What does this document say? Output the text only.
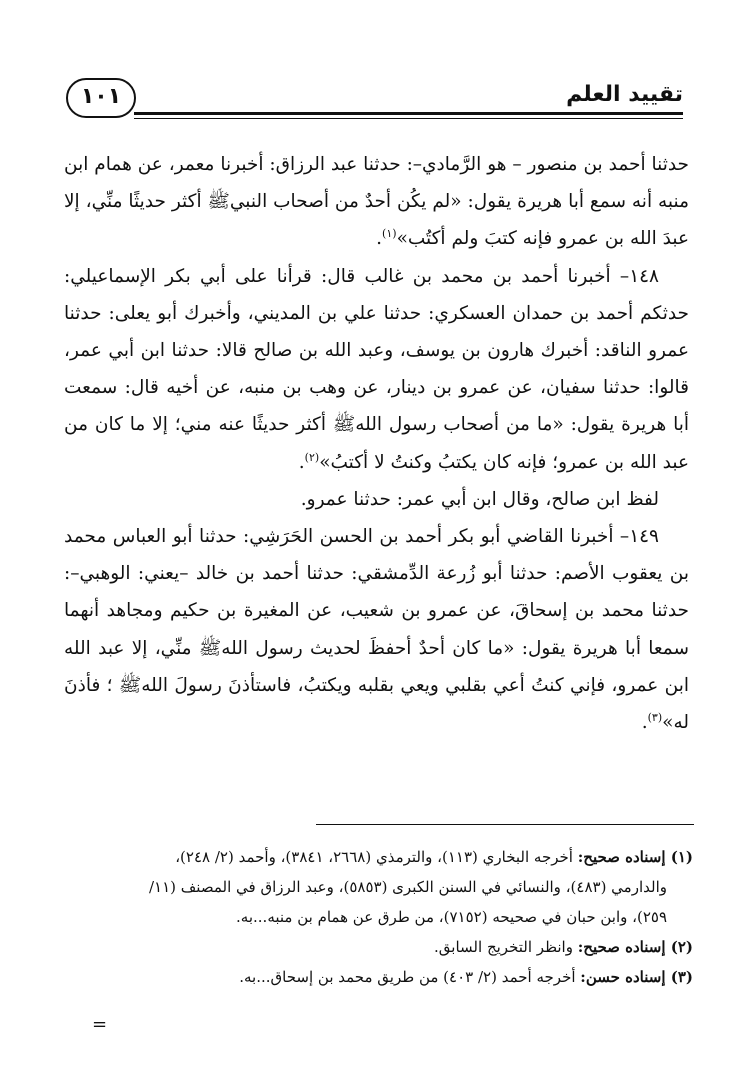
تقييد العلم
١٠١

حدثنا أحمد بن منصور – هو الرَّمادي–: حدثنا عبد الرزاق: أخبرنا معمر، عن همام ابن منبه أنه سمع أبا هريرة يقول: «لم يكُن أحدٌ من أصحاب النبيﷺ أكثر حديثًا منِّي، إلا عبدَ الله بن عمرو فإنه كتبَ ولم أكتُب»$^{(١)}$.

١٤٨– أخبرنا أحمد بن محمد بن غالب قال: قرأنا على أبي بكر الإسماعيلي: حدثكم أحمد بن حمدان العسكري: حدثنا علي بن المديني، وأخبرك أبو يعلى: حدثنا عمرو الناقد: أخبرك هارون بن يوسف، وعبد الله بن صالح قالا: حدثنا ابن أبي عمر، قالوا: حدثنا سفيان، عن عمرو بن دينار، عن وهب بن منبه، عن أخيه قال: سمعت أبا هريرة يقول: «ما من أصحاب رسول اللهﷺ أكثر حديثًا عنه مني؛ إلا ما كان من عبد الله بن عمرو؛ فإنه كان يكتبُ وكنتُ لا أكتبُ»$^{(٢)}$.

لفظ ابن صالح، وقال ابن أبي عمر: حدثنا عمرو.

١٤٩– أخبرنا القاضي أبو بكر أحمد بن الحسن الحَرَشِي: حدثنا أبو العباس محمد بن يعقوب الأصم: حدثنا أبو زُرعة الدِّمشقي: حدثنا أحمد بن خالد –يعني: الوهبي–: حدثنا محمد بن إسحاقَ، عن عمرو بن شعيب، عن المغيرة بن حكيم ومجاهد أنهما سمعا أبا هريرة يقول: «ما كان أحدٌ أحفظَ لحديث رسول اللهﷺ منِّي، إلا عبد الله ابن عمرو، فإني كنتُ أعي بقلبي ويعي بقلبه ويكتبُ، فاستأذنَ رسولَ اللهﷺ ؛ فأذنَ له»$^{(٣)}$.

(١) إسناده صحيح: أخرجه البخاري (١١٣)، والترمذي (٢٦٦٨، ٣٨٤١)، وأحمد (٢/ ٢٤٨)،

والدارمي (٤٨٣)، والنسائي في السنن الكبرى (٥٨٥٣)، وعبد الرزاق في المصنف (١١/

٢٥٩)، وابن حبان في صحيحه (٧١٥٢)، من طرق عن همام بن منبه...به.

(٢) إسناده صحيح: وانظر التخريج السابق.

(٣) إسناده حسن: أخرجه أحمد (٢/ ٤٠٣) من طريق محمد بن إسحاق...به.

=
